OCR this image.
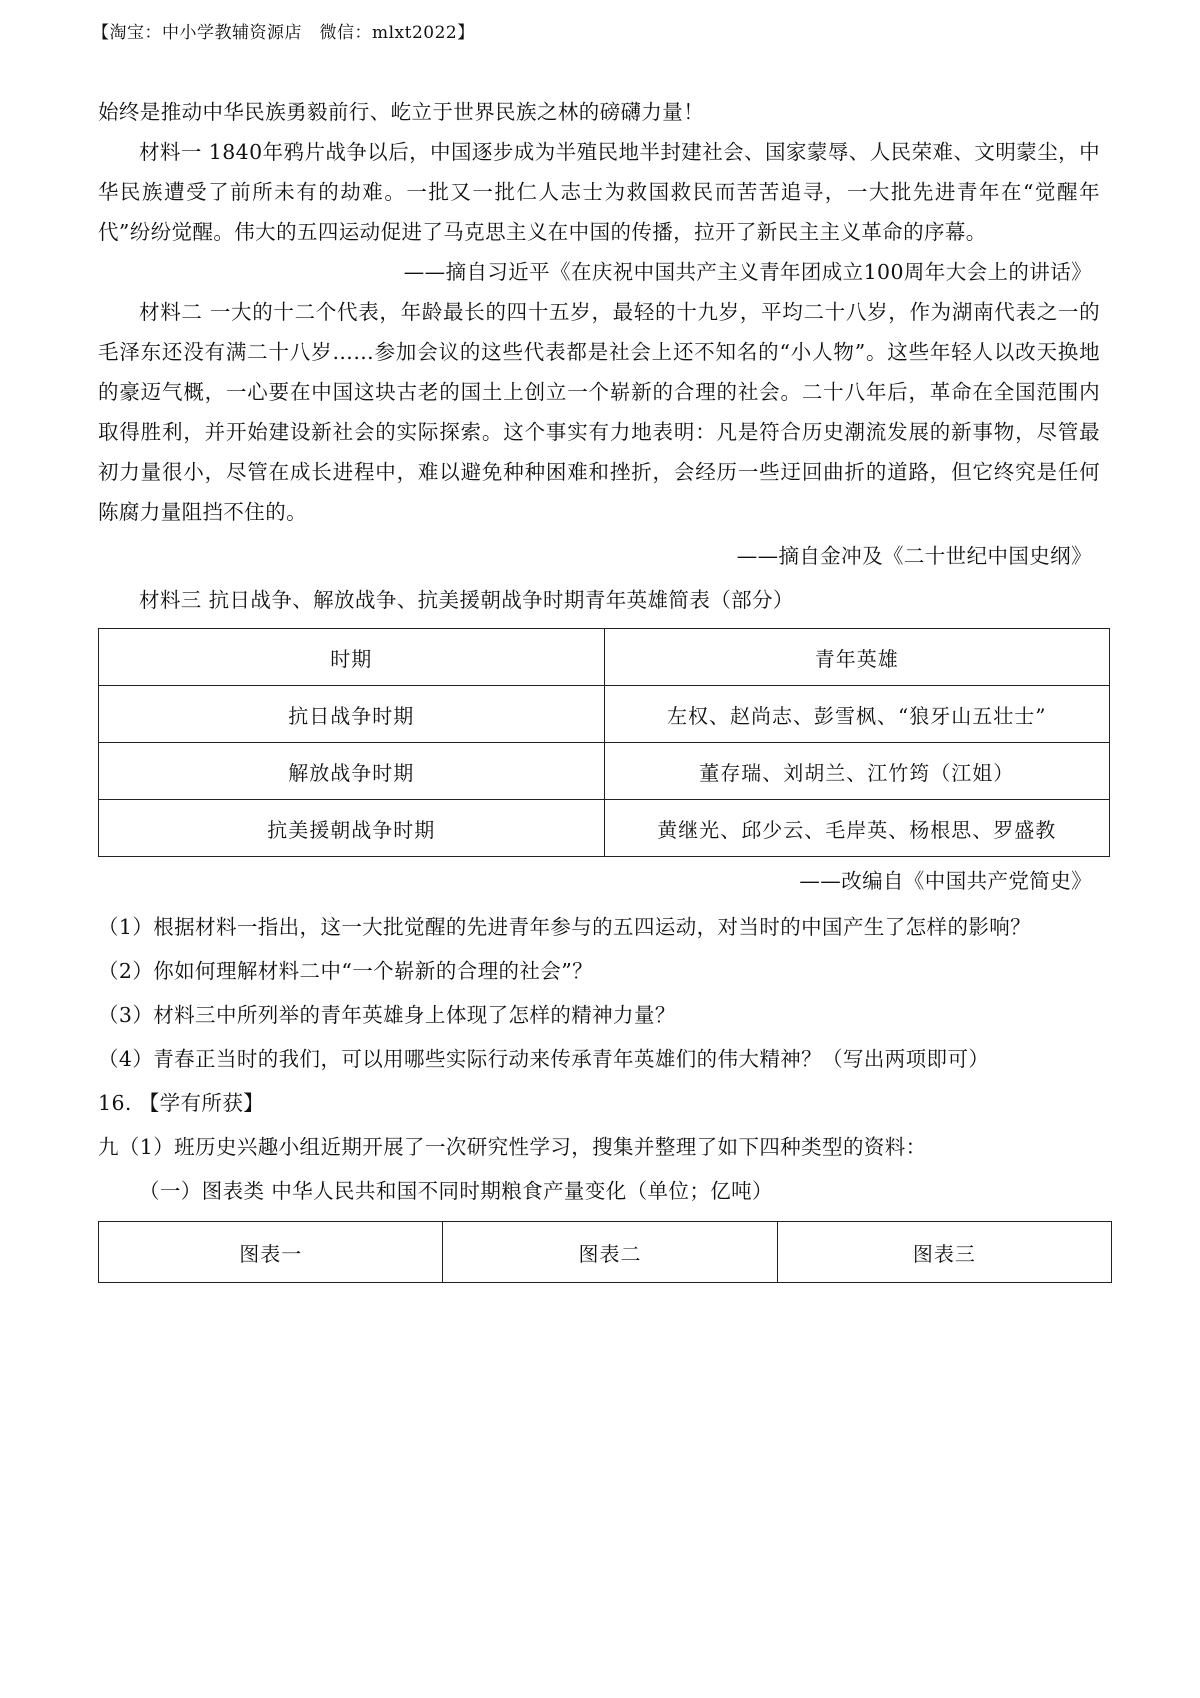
【淘宝：中小学教辅资源店　微信：mlxt2022】

始终是推动中华民族勇毅前行、屹立于世界民族之林的磅礴力量！

材料一 1840年鸦片战争以后，中国逐步成为半殖民地半封建社会、国家蒙辱、人民荣难、文明蒙尘，中华民族遭受了前所未有的劫难。一批又一批仁人志士为救国救民而苦苦追寻，一大批先进青年在“觉醒年代”纷纷觉醒。伟大的五四运动促进了马克思主义在中国的传播，拉开了新民主主义革命的序幕。

——摘自习近平《在庆祝中国共产主义青年团成立100周年大会上的讲话》

材料二 一大的十二个代表，年龄最长的四十五岁，最轻的十九岁，平均二十八岁，作为湖南代表之一的毛泽东还没有满二十八岁……参加会议的这些代表都是社会上还不知名的“小人物”。这些年轻人以改天换地的豪迈气概，一心要在中国这块古老的国土上创立一个崭新的合理的社会。二十八年后，革命在全国范围内取得胜利，并开始建设新社会的实际探索。这个事实有力地表明：凡是符合历史潮流发展的新事物，尽管最初力量很小，尽管在成长进程中，难以避免种种困难和挫折，会经历一些迂回曲折的道路，但它终究是任何陈腐力量阻挡不住的。

——摘自金冲及《二十世纪中国史纲》

材料三 抗日战争、解放战争、抗美援朝战争时期青年英雄简表（部分）

时期	青年英雄
抗日战争时期	左权、赵尚志、彭雪枫、“狼牙山五壮士”
解放战争时期	董存瑞、刘胡兰、江竹筠（江姐）
抗美援朝战争时期	黄继光、邱少云、毛岸英、杨根思、罗盛教

——改编自《中国共产党简史》

（1）根据材料一指出，这一大批觉醒的先进青年参与的五四运动，对当时的中国产生了怎样的影响？

（2）你如何理解材料二中“一个崭新的合理的社会”？

（3）材料三中所列举的青年英雄身上体现了怎样的精神力量？

（4）青春正当时的我们，可以用哪些实际行动来传承青年英雄们的伟大精神？（写出两项即可）

16. 【学有所获】

九（1）班历史兴趣小组近期开展了一次研究性学习，搜集并整理了如下四种类型的资料：

（一）图表类 中华人民共和国不同时期粮食产量变化（单位；亿吨）

图表一	图表二	图表三
